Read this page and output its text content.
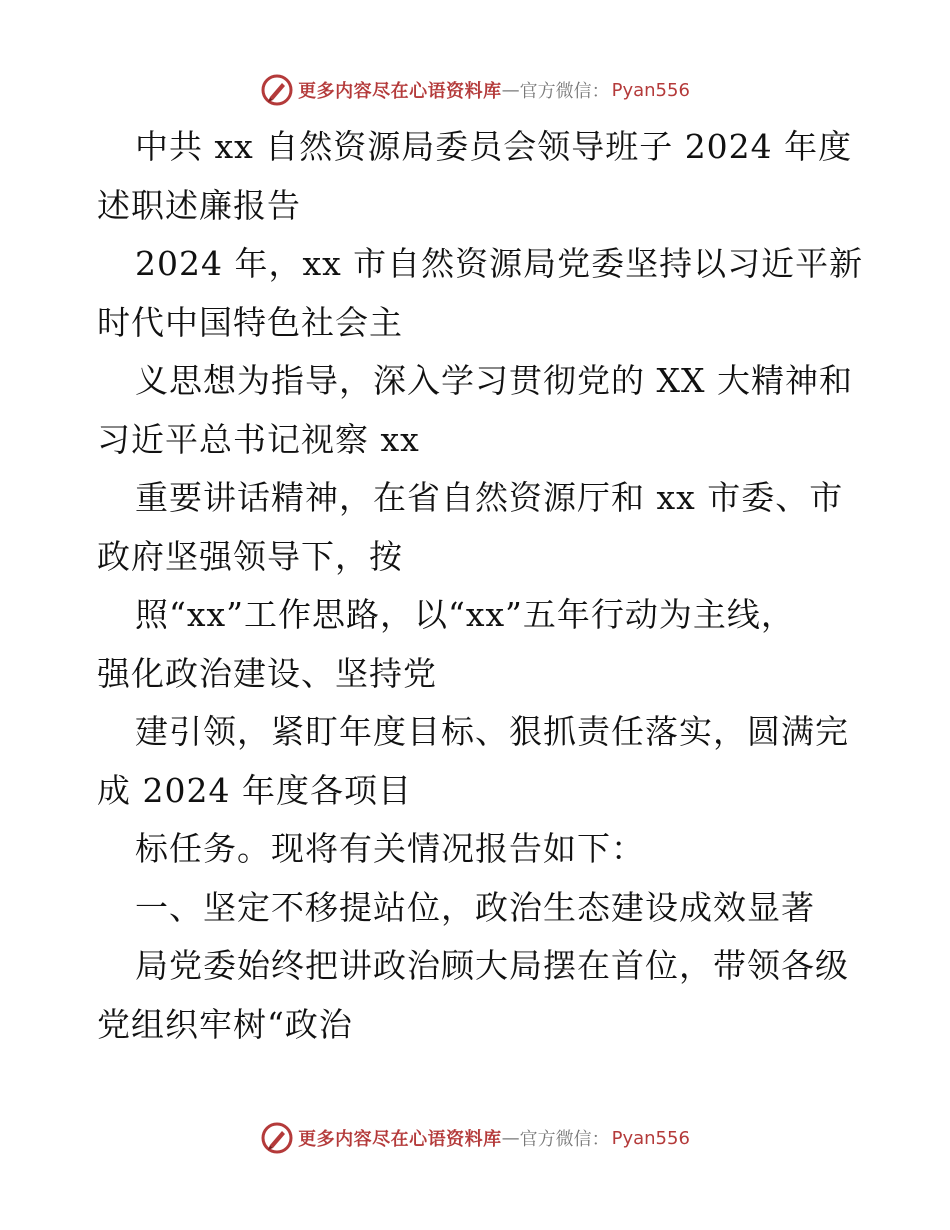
更多内容尽在心语资料库 — 官方微信： Pyan556
中共 xx 自然资源局委员会领导班子 2024 年度
述职述廉报告
2024 年，xx 市自然资源局党委坚持以习近平新
时代中国特色社会主
义思想为指导，深入学习贯彻党的 XX 大精神和
习近平总书记视察 xx
重要讲话精神，在省自然资源厅和 xx 市委、市
政府坚强领导下，按
照“xx”工作思路，以“xx”五年行动为主线，
强化政治建设、坚持党
建引领，紧盯年度目标、狠抓责任落实，圆满完
成 2024 年度各项目
标任务。现将有关情况报告如下：
一、坚定不移提站位，政治生态建设成效显著
局党委始终把讲政治顾大局摆在首位，带领各级
党组织牢树“政治
更多内容尽在心语资料库 — 官方微信： Pyan556
